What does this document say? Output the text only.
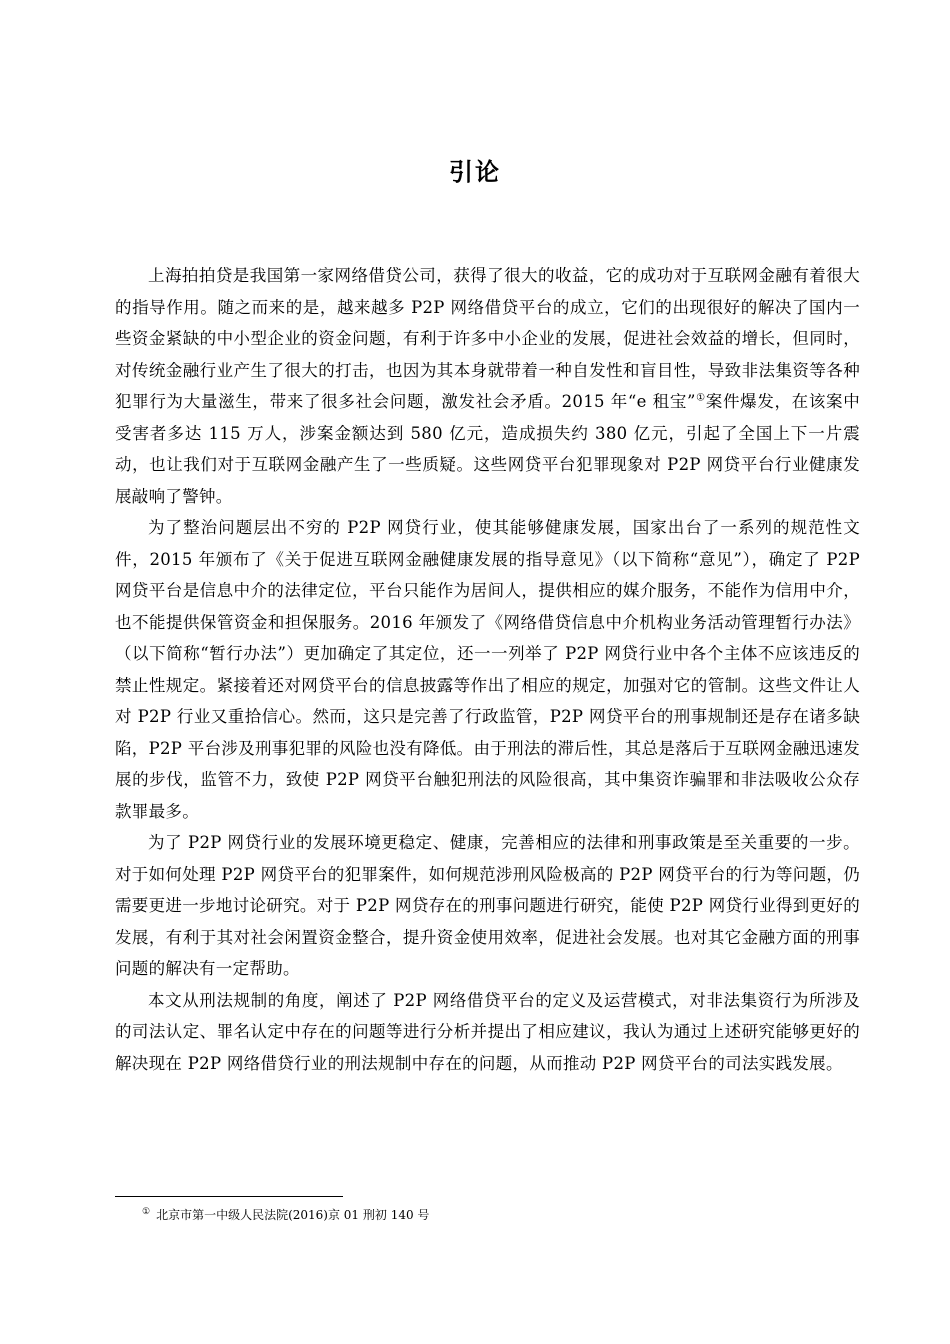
引论

上海拍拍贷是我国第一家网络借贷公司，获得了很大的收益，它的成功对于互联网金融有着很大的指导作用。随之而来的是，越来越多 P2P 网络借贷平台的成立，它们的出现很好的解决了国内一些资金紧缺的中小型企业的资金问题，有利于许多中小企业的发展，促进社会效益的增长，但同时，对传统金融行业产生了很大的打击，也因为其本身就带着一种自发性和盲目性，导致非法集资等各种犯罪行为大量滋生，带来了很多社会问题，激发社会矛盾。2015 年“e 租宝”①案件爆发，在该案中受害者多达 115 万人，涉案金额达到 580 亿元，造成损失约 380 亿元，引起了全国上下一片震动，也让我们对于互联网金融产生了一些质疑。这些网贷平台犯罪现象对 P2P 网贷平台行业健康发展敲响了警钟。

为了整治问题层出不穷的 P2P 网贷行业，使其能够健康发展，国家出台了一系列的规范性文件，2015 年颁布了《关于促进互联网金融健康发展的指导意见》（以下简称“意见”），确定了 P2P 网贷平台是信息中介的法律定位，平台只能作为居间人，提供相应的媒介服务，不能作为信用中介，也不能提供保管资金和担保服务。2016 年颁发了《网络借贷信息中介机构业务活动管理暂行办法》（以下简称“暂行办法”）更加确定了其定位，还一一列举了 P2P 网贷行业中各个主体不应该违反的禁止性规定。紧接着还对网贷平台的信息披露等作出了相应的规定，加强对它的管制。这些文件让人对 P2P 行业又重拾信心。然而，这只是完善了行政监管，P2P 网贷平台的刑事规制还是存在诸多缺陷，P2P 平台涉及刑事犯罪的风险也没有降低。由于刑法的滞后性，其总是落后于互联网金融迅速发展的步伐，监管不力，致使 P2P 网贷平台触犯刑法的风险很高，其中集资诈骗罪和非法吸收公众存款罪最多。

为了 P2P 网贷行业的发展环境更稳定、健康，完善相应的法律和刑事政策是至关重要的一步。对于如何处理 P2P 网贷平台的犯罪案件，如何规范涉刑风险极高的 P2P 网贷平台的行为等问题，仍需要更进一步地讨论研究。对于 P2P 网贷存在的刑事问题进行研究，能使 P2P 网贷行业得到更好的发展，有利于其对社会闲置资金整合，提升资金使用效率，促进社会发展。也对其它金融方面的刑事问题的解决有一定帮助。

本文从刑法规制的角度，阐述了 P2P 网络借贷平台的定义及运营模式，对非法集资行为所涉及的司法认定、罪名认定中存在的问题等进行分析并提出了相应建议，我认为通过上述研究能够更好的解决现在 P2P 网络借贷行业的刑法规制中存在的问题，从而推动 P2P 网贷平台的司法实践发展。

① 北京市第一中级人民法院(2016)京 01 刑初 140 号
